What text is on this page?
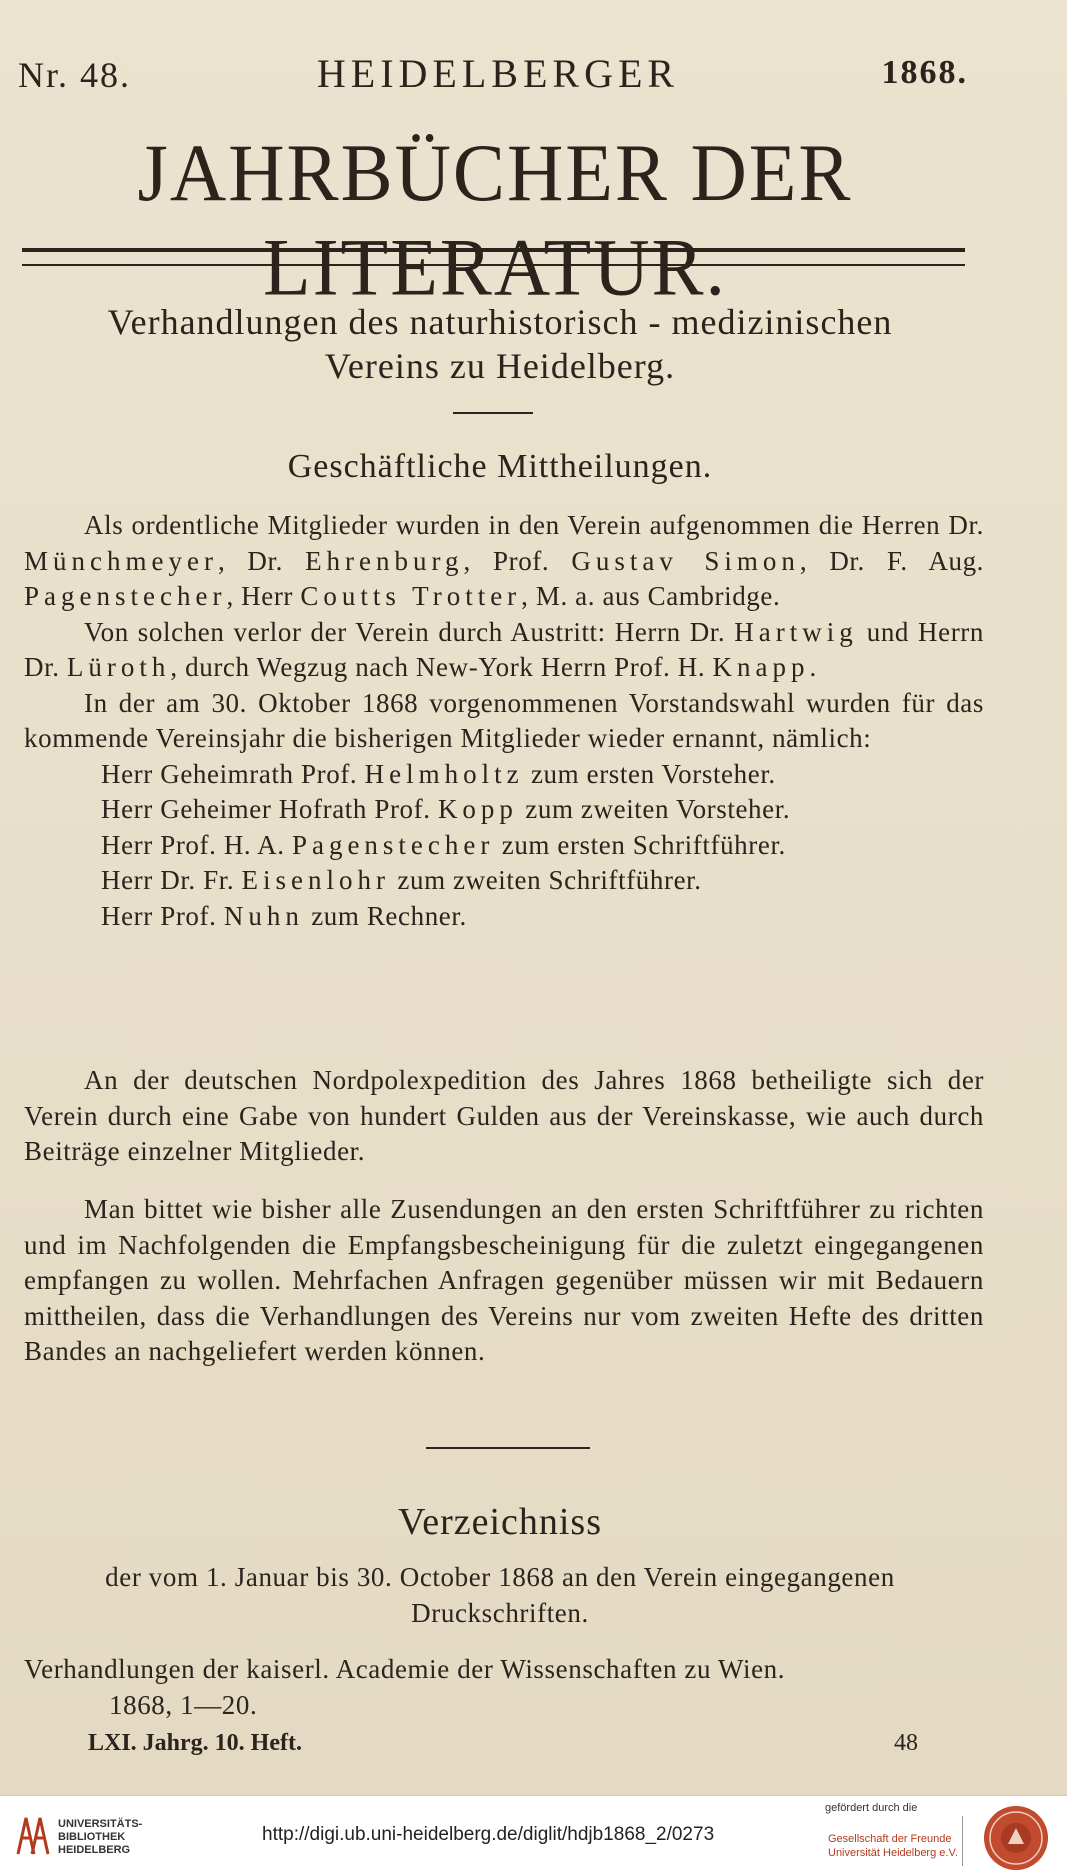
Nr. 48.	HEIDELBERGER	1868.
JAHRBÜCHER DER LITERATUR.
Verhandlungen des naturhistorisch - medizinischen
Vereins zu Heidelberg.
Geschäftliche Mittheilungen.

Als ordentliche Mitglieder wurden in den Verein aufgenommen die Herren Dr. Münchmeyer, Dr. Ehrenburg, Prof. Gustav Simon, Dr. F. Aug. Pagenstecher, Herr Coutts Trotter, M. a. aus Cambridge.

Von solchen verlor der Verein durch Austritt: Herrn Dr. Hartwig und Herrn Dr. Lüroth, durch Wegzug nach New-York Herrn Prof. H. Knapp.

In der am 30. Oktober 1868 vorgenommenen Vorstandswahl wurden für das kommende Vereinsjahr die bisherigen Mitglieder wieder ernannt, nämlich:

Herr Geheimrath Prof. Helmholtz zum ersten Vorsteher.
Herr Geheimer Hofrath Prof. Kopp zum zweiten Vorsteher.
Herr Prof. H. A. Pagenstecher zum ersten Schriftführer.
Herr Dr. Fr. Eisenlohr zum zweiten Schriftführer.
Herr Prof. Nuhn zum Rechner.

An der deutschen Nordpolexpedition des Jahres 1868 betheiligte sich der Verein durch eine Gabe von hundert Gulden aus der Vereinskasse, wie auch durch Beiträge einzelner Mitglieder.

Man bittet wie bisher alle Zusendungen an den ersten Schriftführer zu richten und im Nachfolgenden die Empfangsbescheinigung für die zuletzt eingegangenen empfangen zu wollen. Mehrfachen Anfragen gegenüber müssen wir mit Bedauern mittheilen, dass die Verhandlungen des Vereins nur vom zweiten Hefte des dritten Bandes an nachgeliefert werden können.

Verzeichniss
der vom 1. Januar bis 30. October 1868 an den Verein eingegangenen Druckschriften.
Verhandlungen der kaiserl. Academie der Wissenschaften zu Wien.
1868, 1—20.
LXI. Jahrg. 10. Heft.	48
UNIVERSITÄTS-
BIBLIOTHEK
HEIDELBERG
http://digi.ub.uni-heidelberg.de/diglit/hdjb1868_2/0273
gefördert durch die
Gesellschaft der Freunde
Universität Heidelberg e.V.
